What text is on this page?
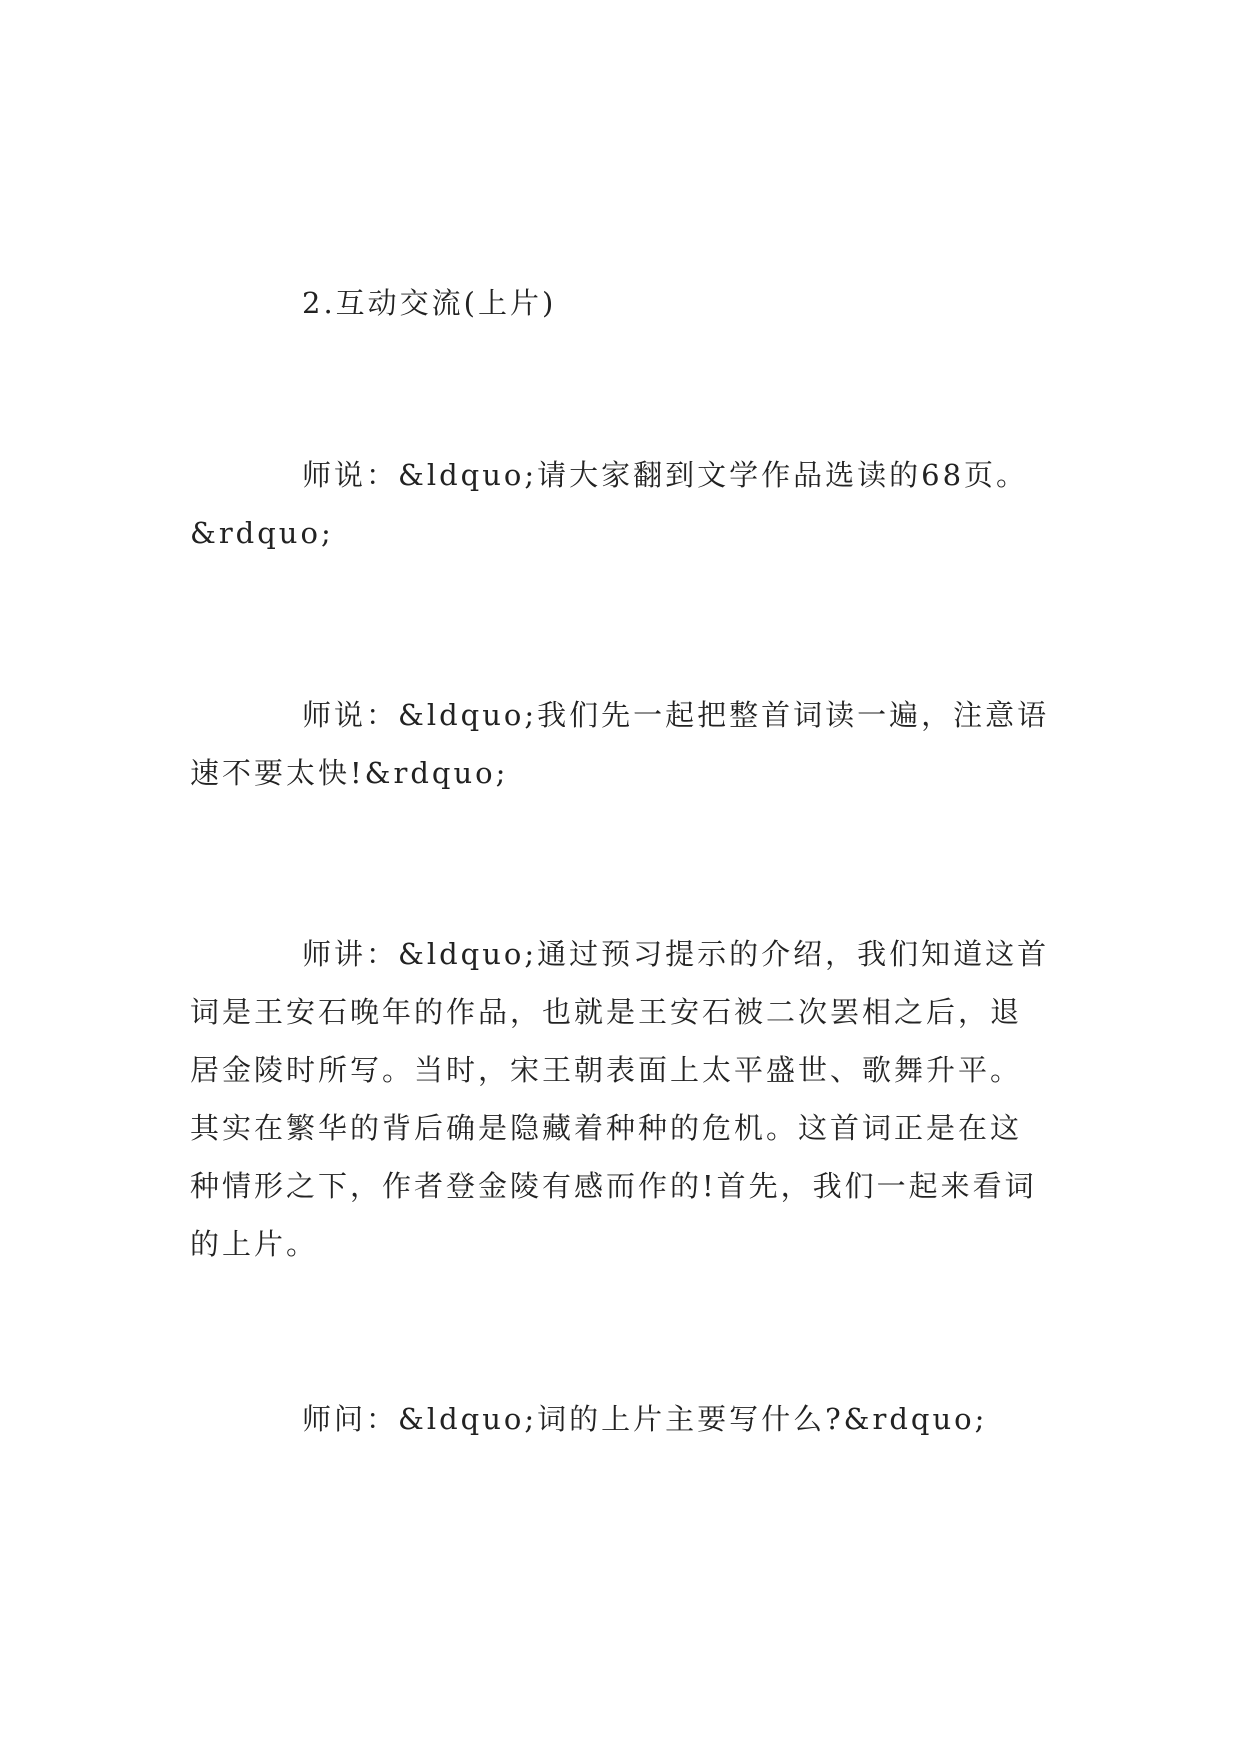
2.互动交流(上片)

师说：&ldquo;请大家翻到文学作品选读的68页。&rdquo;

师说：&ldquo;我们先一起把整首词读一遍，注意语速不要太快!&rdquo;

师讲：&ldquo;通过预习提示的介绍，我们知道这首词是王安石晚年的作品，也就是王安石被二次罢相之后，退居金陵时所写。当时，宋王朝表面上太平盛世、歌舞升平。其实在繁华的背后确是隐藏着种种的危机。这首词正是在这种情形之下，作者登金陵有感而作的!首先，我们一起来看词的上片。

师问：&ldquo;词的上片主要写什么?&rdquo;
